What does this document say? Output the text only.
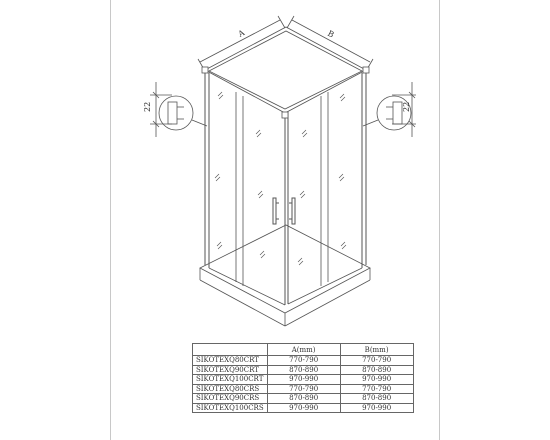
A	B
22	22
	A(mm)	B(mm)
SIKOTEXQ80CRT	770-790	770-790
SIKOTEXQ90CRT	870-890	870-890
SIKOTEXQ100CRT	970-990	970-990
SIKOTEXQ80CRS	770-790	770-790
SIKOTEXQ90CRS	870-890	870-890
SIKOTEXQ100CRS	970-990	970-990
